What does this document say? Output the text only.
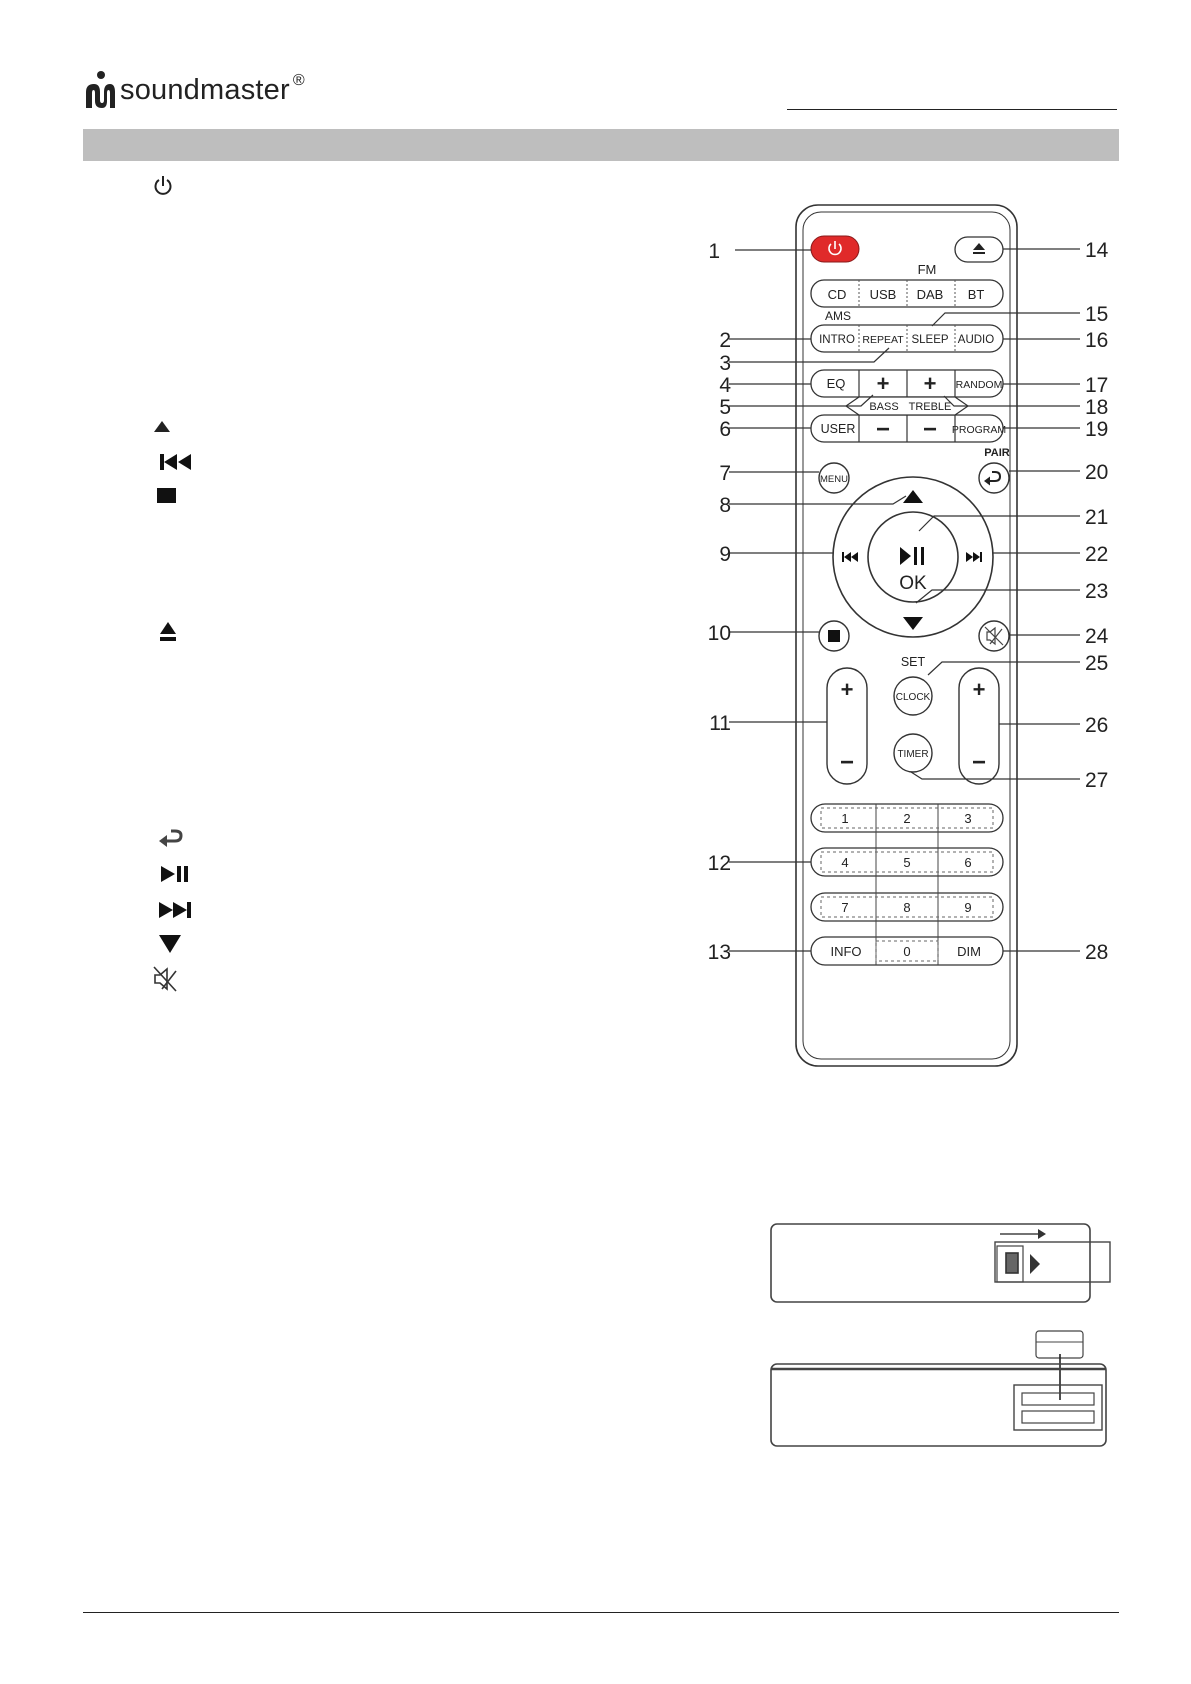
soundmaster ®
FM
CD USB DAB BT
AMS
INTRO REPEAT SLEEP AUDIO
EQ + + RANDOM
BASS TREBLE
USER − − PROGRAM
MENU
PAIR
OK
+
−
+
−
SET
CLOCK
TIMER
1	2	3
4	5	6
7	8	9
INFO	0	DIM
1
2
3
4
5
6
7
8
9
10
11
12
13
14
15
16
17
18
19
20
21
22
23
24
25
26
27
28
